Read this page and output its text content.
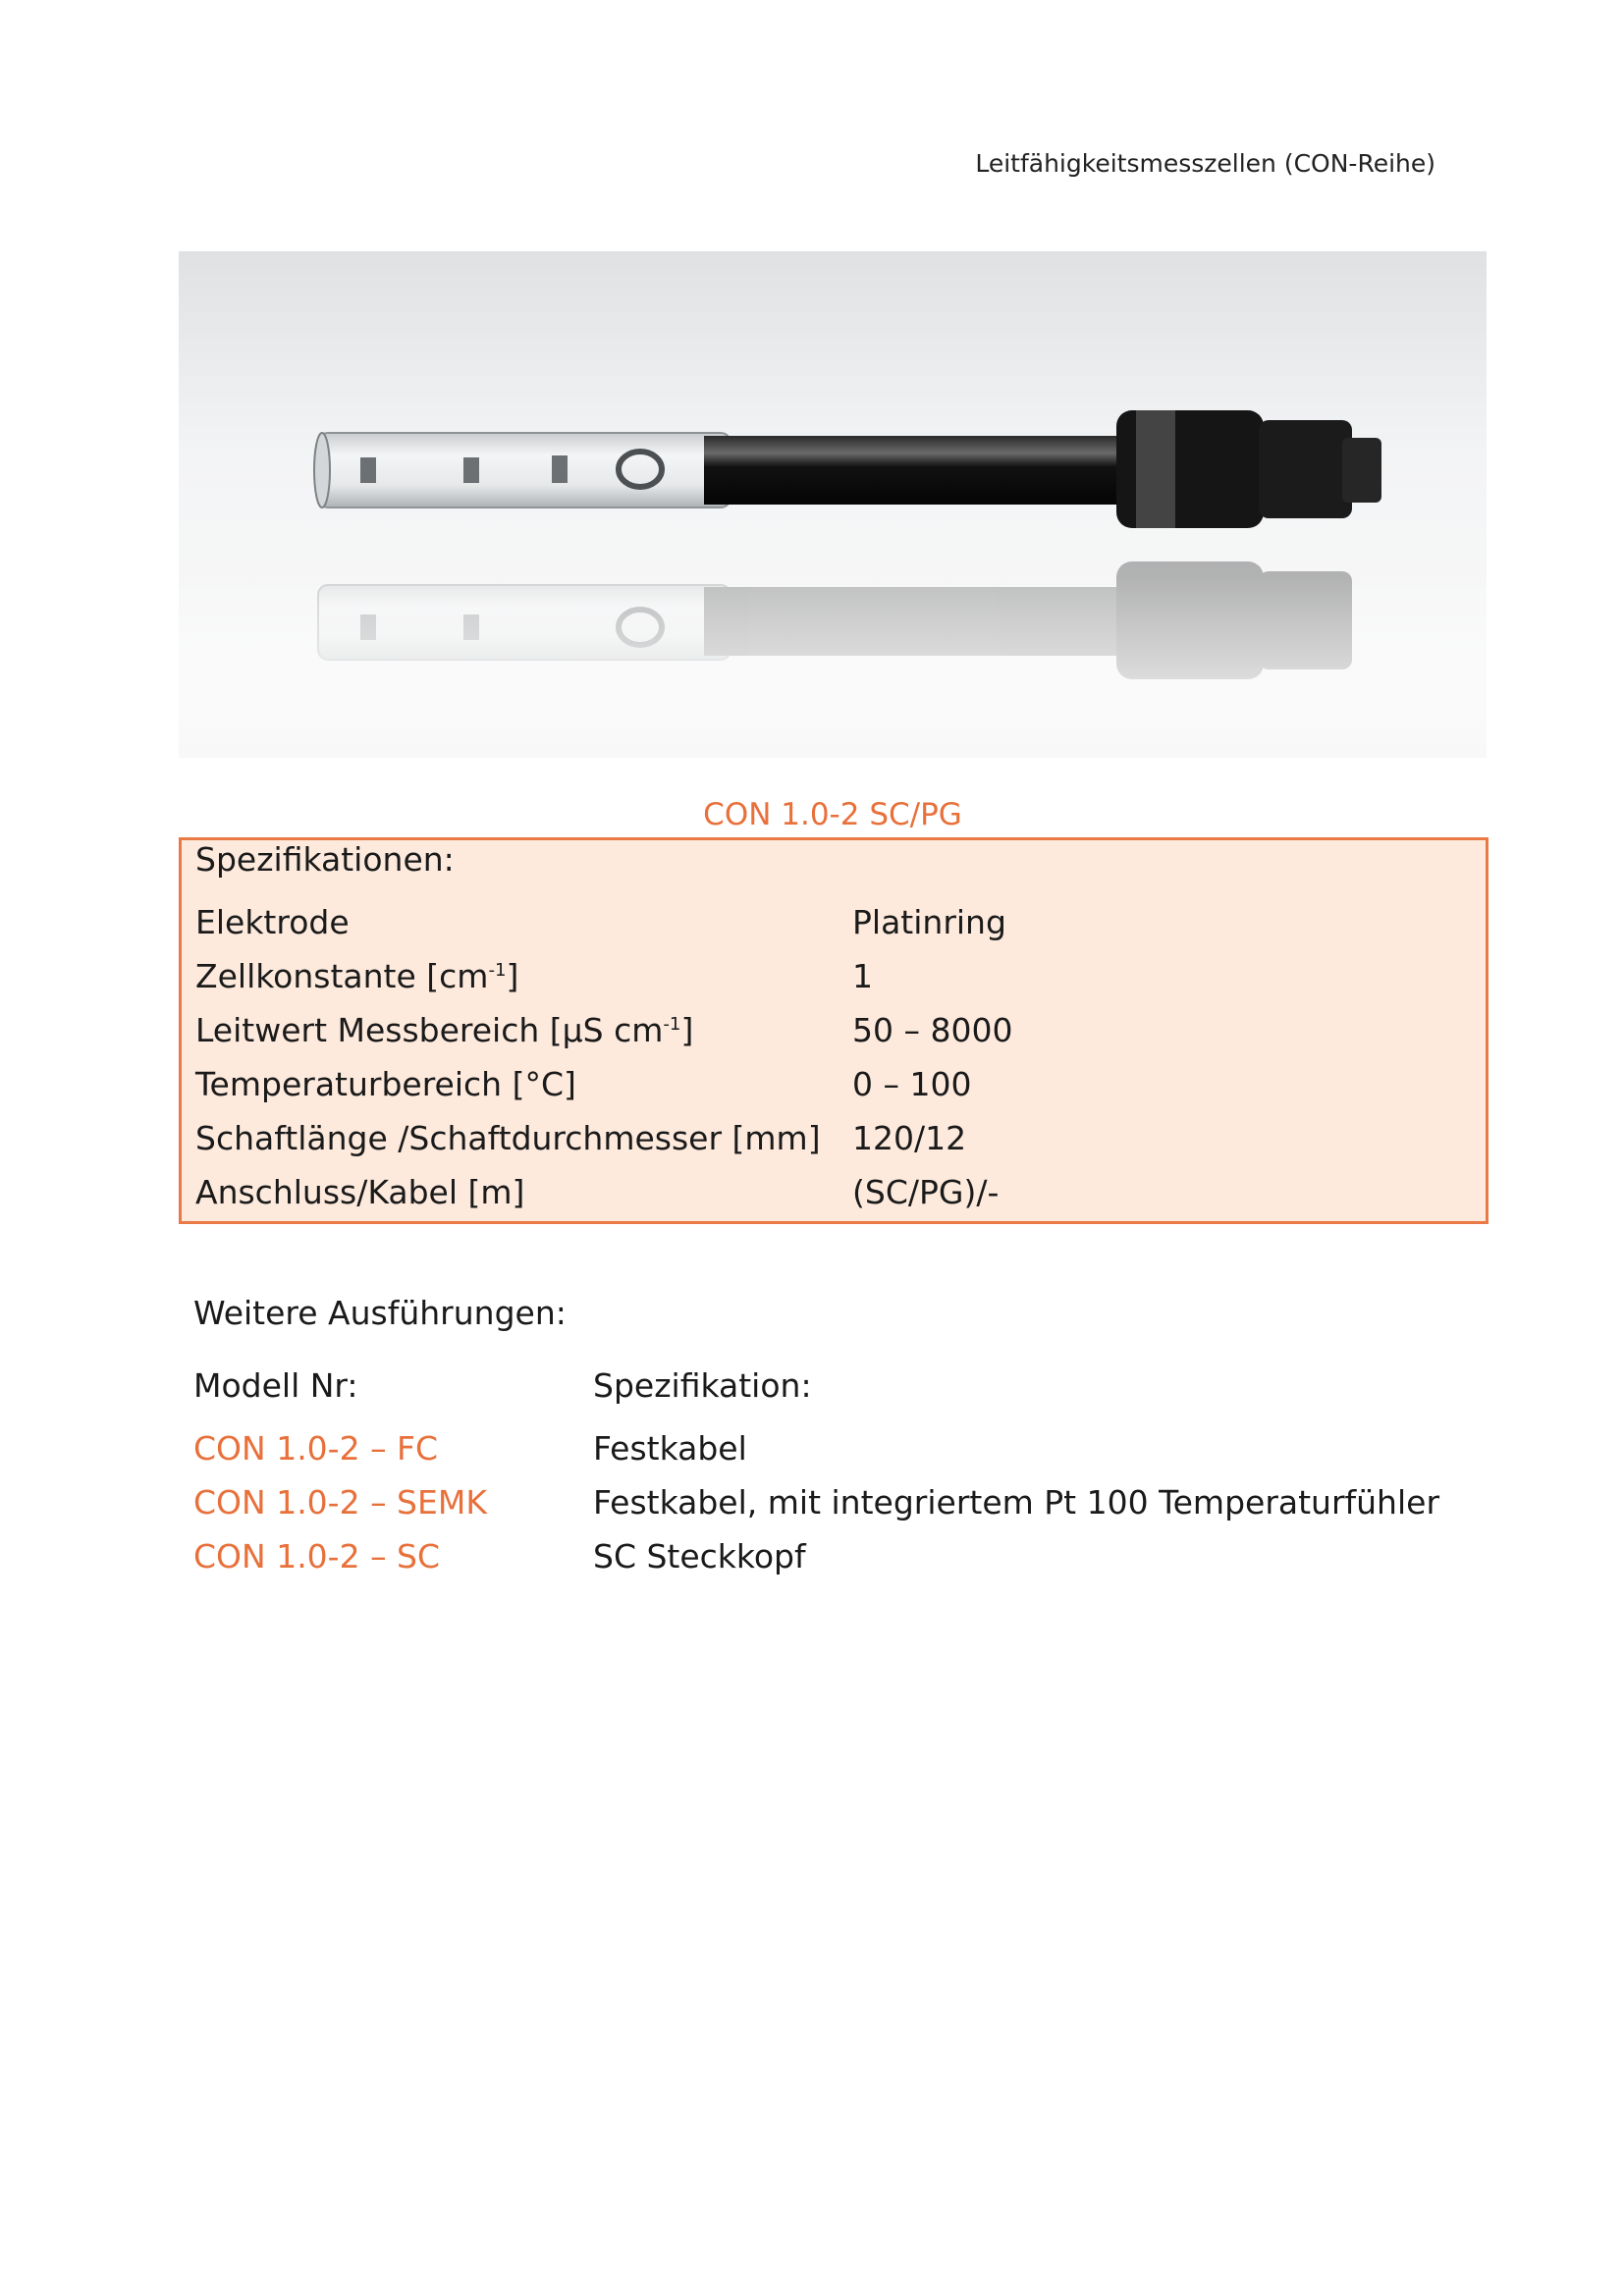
Leitfähigkeitsmesszellen (CON-Reihe)
CON 1.0-2 SC/PG
Spezifikationen:
Elektrode	Platinring
Zellkonstante $[cm^{-1}]$	1
Leitwert Messbereich [µS $cm^{-1}$]	50 – 8000
Temperaturbereich [°C]	0 – 100
Schaftlänge /Schaftdurchmesser [mm] 120/12
Anschluss/Kabel [m]	(SC/PG)/-
Weitere Ausführungen:
Modell Nr:	Spezifikation:
CON 1.0-2 – FC	Festkabel
CON 1.0-2 – SEMK	Festkabel, mit integriertem Pt 100 Temperaturfühler
CON 1.0-2 – SC	SC Steckkopf
